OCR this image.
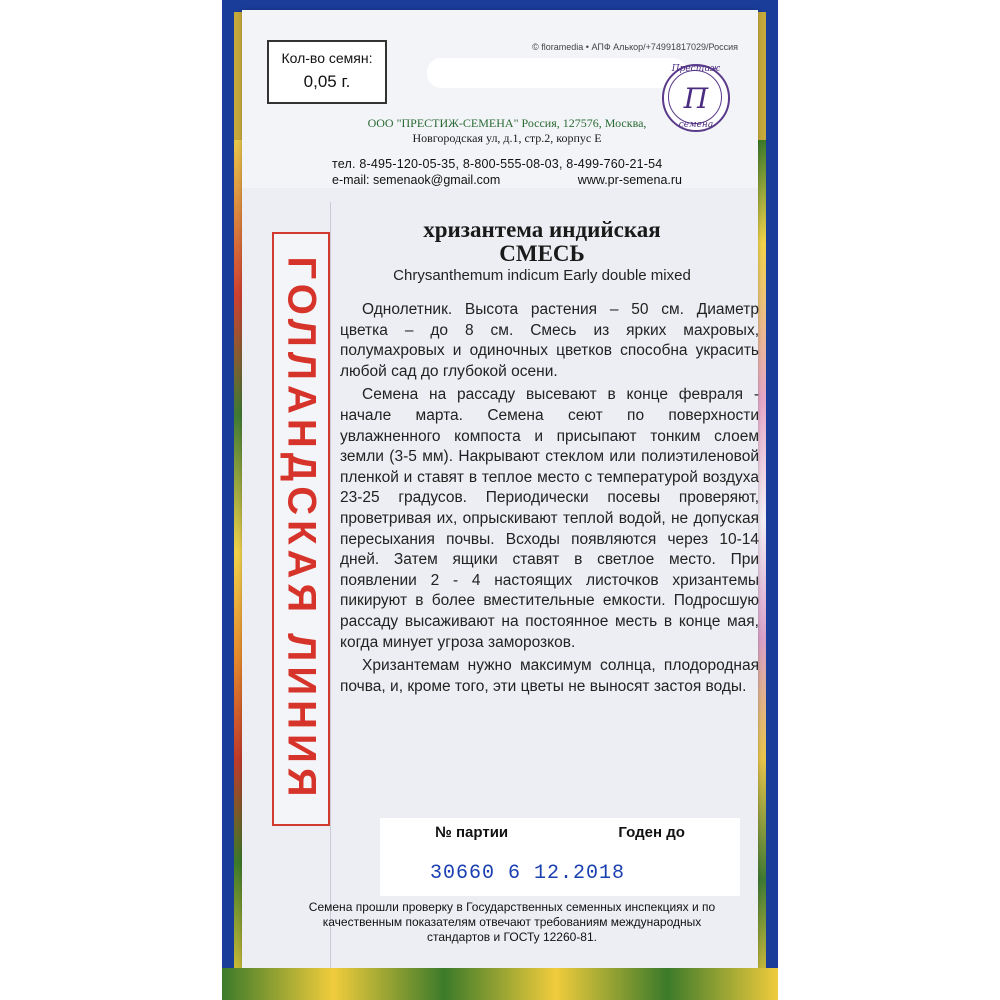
Кол-во семян:
0,05 г.
© floramedia • АПФ Алькор/+74991817029/Россия
Престиж
П
семена
ООО "ПРЕСТИЖ-СЕМЕНА" Россия, 127576, Москва,
Новгородская ул, д.1, стр.2, корпус Е
тел. 8-495-120-05-35, 8-800-555-08-03, 8-499-760-21-54
e-mail: semenaok@gmail.com	www.pr-semena.ru
ГОЛЛАНДСКАЯ ЛИНИЯ
хризантема индийская
СМЕСЬ
Chrysanthemum indicum Early double mixed

Однолетник. Высота растения – 50 см. Диаметр цветка – до 8 см. Смесь из ярких махровых, полумахровых и одиночных цветков способна украсить любой сад до глубокой осени.

Семена на рассаду высевают в конце февраля - начале марта. Семена сеют по поверхности увлажненного компоста и присыпают тонким слоем земли (3-5 мм). Накрывают стеклом или полиэтиленовой пленкой и ставят в теплое место с температурой воздуха 23-25 градусов. Периодически посевы проверяют, проветривая их, опрыскивают теплой водой, не допуская пересыхания почвы. Всходы появляются через 10-14 дней. Затем ящики ставят в светлое место. При появлении 2 - 4 настоящих листочков хризантемы пикируют в более вместительные емкости. Подросшую рассаду высаживают на постоянное месть в конце мая, когда минует угроза заморозков.

Хризантемам нужно максимум солнца, плодородная почва, и, кроме того, эти цветы не выносят застоя воды.

№ партии	Годен до
30660 6 12.2018
Семена прошли проверку в Государственных семенных инспекциях и по качественным показателям отвечают требованиям международных стандартов и ГОСТу 12260-81.
